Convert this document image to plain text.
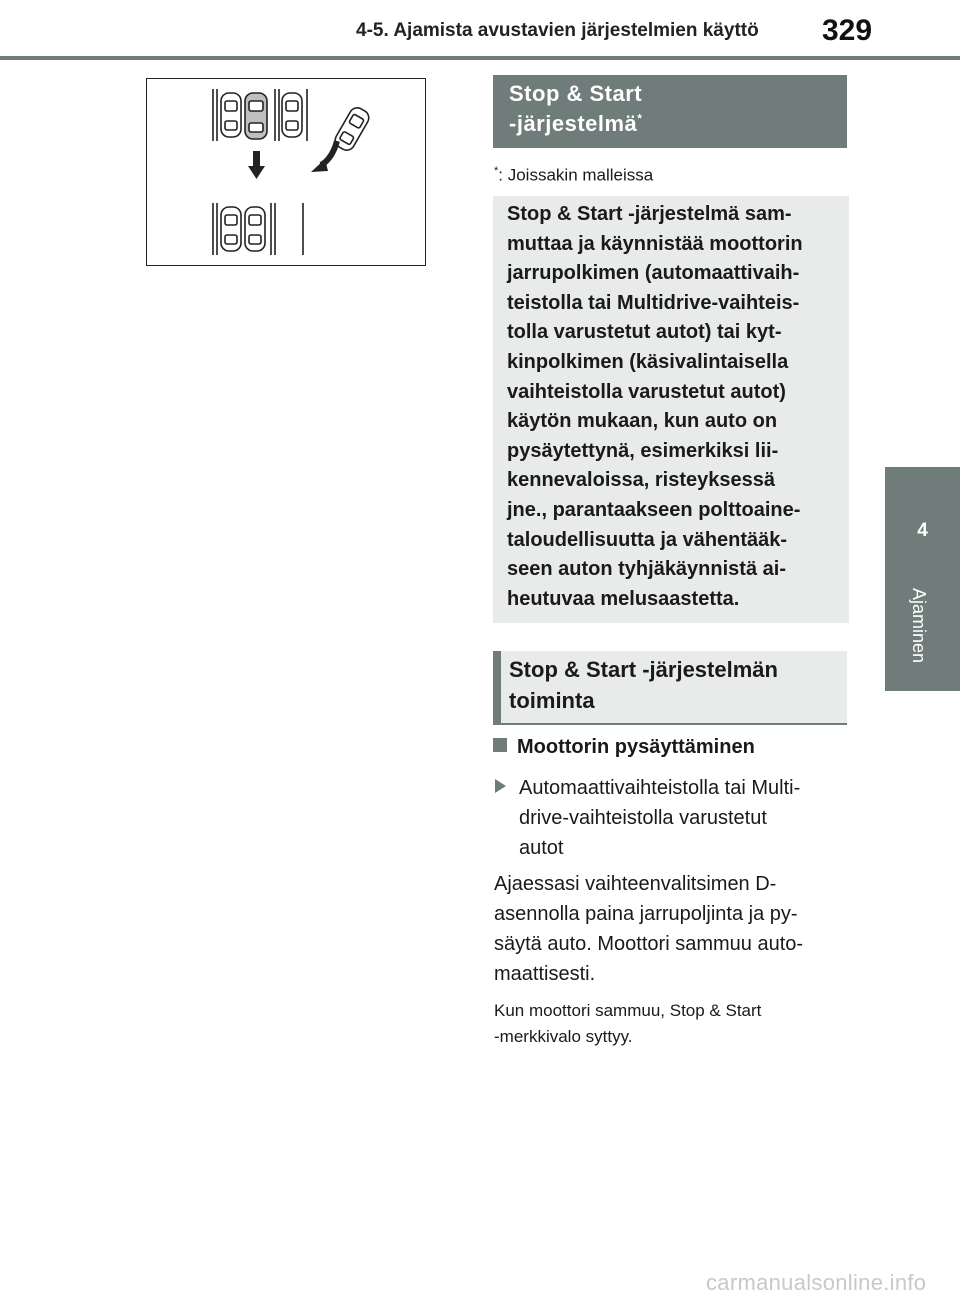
4-5. Ajamista avustavien järjestelmien käyttö 329
4
Ajaminen
Stop & Start
-järjestelmä*
*: Joissakin malleissa
Stop & Start -järjestelmä sam-
muttaa ja käynnistää moottorin
jarrupolkimen (automaattivaih-
teistolla tai Multidrive-vaihteis-
tolla varustetut autot) tai kyt-
kinpolkimen (käsivalintaisella
vaihteistolla varustetut autot)
käytön mukaan, kun auto on
pysäytettynä, esimerkiksi lii-
kennevaloissa, risteyksessä
jne., parantaakseen polttoaine-
taloudellisuutta ja vähentääk-
seen auton tyhjäkäynnistä ai-
heutuvaa melusaastetta.
Stop & Start -järjestelmän
toiminta
Moottorin pysäyttäminen
Automaattivaihteistolla tai Multi-
drive-vaihteistolla varustetut
autot
Ajaessasi vaihteenvalitsimen D-
asennolla paina jarrupoljinta ja py-
säytä auto. Moottori sammuu auto-
maattisesti.
Kun moottori sammuu, Stop & Start
-merkkivalo syttyy.
carmanualsonline.info
